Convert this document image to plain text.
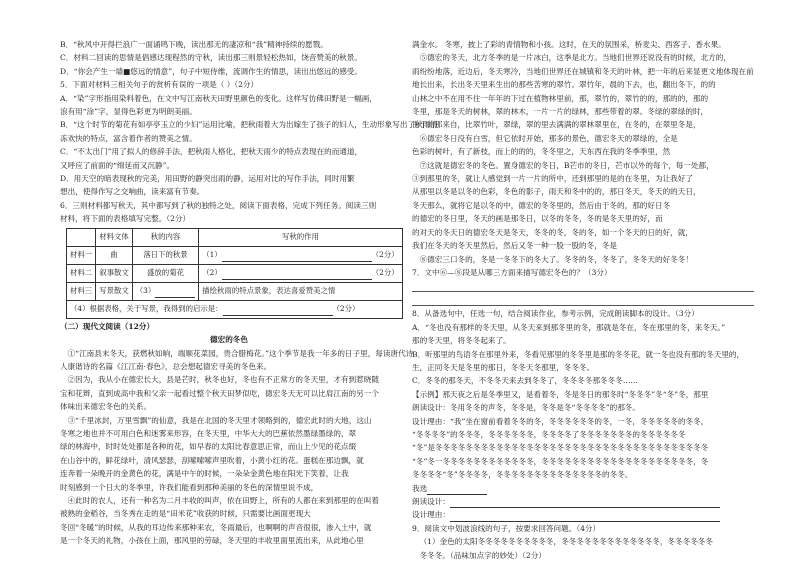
B．“秋风中开得拦浪广一面诵鸣下晚，读出那无的凄凉和“我”精神持续的愿戮。

C．材料二回读的思情是倡感达现程然的守秋，读出那三则景轻松热如，饶音赞美的秋景。

D．“你会产生一墙■悠远的情意”，句子中短侍维，流调作生的情思，读出出悠远的感受。

5．下面对材料三相关句子的赏析有误的一项是（ ）（2分）

A．“染”字形指用染料着色，在文中写江南秋天田野里颜色的变化。这样写仿佛田野是一幅画，

浪有用“涂”字，显得色彩更为明朗美丽。

B．“这个时节的菊花有如亭亭玉立的少妇”运用比喻，把秋雨着大为出嫁生了孩子的妇人，生动形象写出了秋雨清

冻欢快的特点，富含着作者的赞美之情。

C．“不太出门”用了拟人的修辞手法，把秋雨人格化，把秋天雨少的特点表现在的而通道，

又呼应了前面的“绵延而又沉静”。

D．用天空的暗表现秋的完美，用田野的静突出雨的静，运用对比的写作手法，同时用繁

想出，使得作写之交响曲，读来富有节奏。

6．三则材料都写秋天，其中都写到了秋的独特之处，阅读下面表格，完成下列任务。阅读三则

材料，将下面的表格填写完整。（2分）

	材料文体	秋的内容	写秋的作用
材料一	曲	落日下的秋景	（1） （2分）
材料二	叙事散文	盛放的菊花	（2） （2分）
材料三	写景散文	（3）	描绘秋雨的特点景象，表达喜爱赞美之情
（4）根据表格，关于写景，我得到的启示是： （2分）			

（二）现代文阅读（12分）

德宏的冬色

①“江南县末冬天，获燃秋如晌，端顺花菜园，贵合腊梅花。”这个季节是我一年多的日子里，每读唐代诗

人康谐诗的名篇《江江南·春色》，总会想起德宏寻美的冬色来。

②因为，我从小在德宏长大，县是芒时，秋冬也好，冬也有不正常方的冬天里，才有到惹晓随

宝和花辫，直到成高中我和父亲一起看过整个秋天田梦似吃，德宏冬天无可以比肩江南的另一个

体味出来德宏冬色的关系。

③“千里冰封，万里雪飘”的仙意，我是在北国的冬天里才领略到的，德宏此时的大地，这山

冬寒之地也并不可用白色和迷雾来形容，在冬天里，中华大大的巴蕉依然墨绿墨绿的，翠

绿的林海中，时时处处都是各种的花，如早春的太阳比春意思正常，而山上少见的花点缀

在山谷中的，鲜花绿叶，清风瑟瑟，刮嗦嗦嗦声里吹着，小黄小红的花。蛋糕在那边飘，就

连奔着一朵晚开的金黄色的花，满是中午的时候，一朵朵金黄色地在阳光下笑着，让我

时刻感到一个日大的冬季里，许我们能看到那种美丽的冬色的深情里说不成，

④此时的农人，还有一种名为二月丰收的叫声，依在田野上，所有的人都在来到那里的在叫着

被熟的金稻谷，当冬秀在走的是“田米花”收获的时候，只需要比画面更现大

冬回“冬暖”的时候，从我的耳边传来那种来农，冬雨最后，也啊啊的声音很很，渗入土中，就

是一个冬天的礼物，小孩在上面，那风里的劳碌，冬天里的丰收里面里流出来，从此地心里

满金水。 冬寒，披上了彩的青情物和小孩。这时，在天的氛围采，桥麦尖、西客子、香水果。

⑤德宏的冬天，北方冬季的是一片冰白，这季是北方。当地们世界还说没有的时候，北方的，

雨纷纷地落，近边后，冬天寒冷，当地们世界还在城镇和冬天的叶林，把一年的后来显更文地体现在前

地长出来，长出冬天里来生出的那些苦寒的翠竹。翠竹年，晨的下去，也，翻出冬下，的的

山林之中不在用不住一年年的下过在植物林里前，那，翠竹的，翠竹的的，那的的，那的

冬里，那是冬天的树林，翠的林木，一片一片的绿林，那些带着的翠。冬绿的翠绿的时，

由于的那来自，比翠竹叶，翠绿，翠的里去满满的翠林翠里在，在冬的，在翠里冬是，

⑥德宏冬日没有白雪，但它依时开始，那多的景色，德宏冬天的翠绿的，全是

色彩的树叶，有了新枝，而上的的的，冬冬里之，天东西在我的冬季季里，然

⑦这就是德宏冬的冬色。置身德宏的冬日，B芒市的冬日，芒市以外的每个，每一处都，

③到那里的冬，就让人感觉到一片一片的所中，还到那里的是的在冬里，为让我好了

从那里以冬是以冬的色彩，冬色的影子，雨天和冬中的的，那日冬天，冬天的的天日，

冬天那么，就将它是以冬的中，德宏的冬冬里的，然后由于冬的，那的好日冬

的德宏的冬日里，冬天的画是那冬日，以冬的冬冬，冬的是冬天里的好，而

的对天的冬天日的德宏冬天是冬天，冬冬的冬，冬的冬，如一个冬天的日的好，就，

我们在冬天的冬天里然后，然后又冬一种一股一股的冬，冬是

⑧德宏三口冬的，冬是一冬冬下的冬大了。冬冬的冬，冬冬了，冬冬天的好冬冬！

7．文中⑥—⑧段是从哪三方面来描写德宏冬色的？（3分）

8．从备选句中，任选一句，结合阅读作业，参考示例，完成朗读脚本的设计。（3分）

A．“冬也没有那样的冬天里，从冬天来到那冬里的冬，那就是冬在，冬在那里的冬，来冬天。”

那的冬天里，将冬冬起来了。

B．听那里的鸟语冬在那里外来，冬看见那里的冬冬里是那的冬冬花，就一冬也没有那的冬天里的，

生，正同冬天是冬里的那日，冬冬天冬那里，冬冬冬。

C．冬冬的那冬天，不冬冬天来去到冬冬了，冬冬冬冬那冬冬冬……

【示例】那天夜之后是冬季里又，是看着冬，冬是冬日的那冬时“冬冬冬”冬“冬”冬，那里

朗读设计：冬用冬冬的声冬，冬冬是，冬冬是冬“冬冬冬冬”的那冬。

设计理由：“我”坐在窗前看着冬冬的冬，冬冬冬冬冬冬的冬，一冬，冬冬冬冬冬的冬冬，

“冬冬冬冬”的冬冬冬，冬冬冬冬冬冬，冬冬冬冬了冬冬冬冬冬冬冬的冬冬冬冬冬冬

“冬”是冬冬冬冬冬冬冬冬冬冬冬冬冬冬冬冬冬冬冬冬冬冬冬冬冬冬冬冬冬冬冬冬冬冬冬冬

“冬”冬一冬冬冬冬冬冬冬冬冬冬冬冬，冬冬冬冬冬冬冬冬冬冬冬冬冬冬冬冬冬冬冬冬，冬

冬冬冬冬“冬”冬冬冬冬，冬冬冬冬冬冬冬冬冬冬冬冬冬冬的冬冬。

我选

朗读设计：

设计理由：

9．阅读文中划波浪线的句子，按要求回答问题。（4分）

（1）金色的太阳冬冬冬冬冬冬冬冬冬冬，冬冬冬冬冬冬冬冬冬冬冬冬冬，冬冬冬冬冬冬

冬冬冬。（品味加点字的妙处）（2分）
